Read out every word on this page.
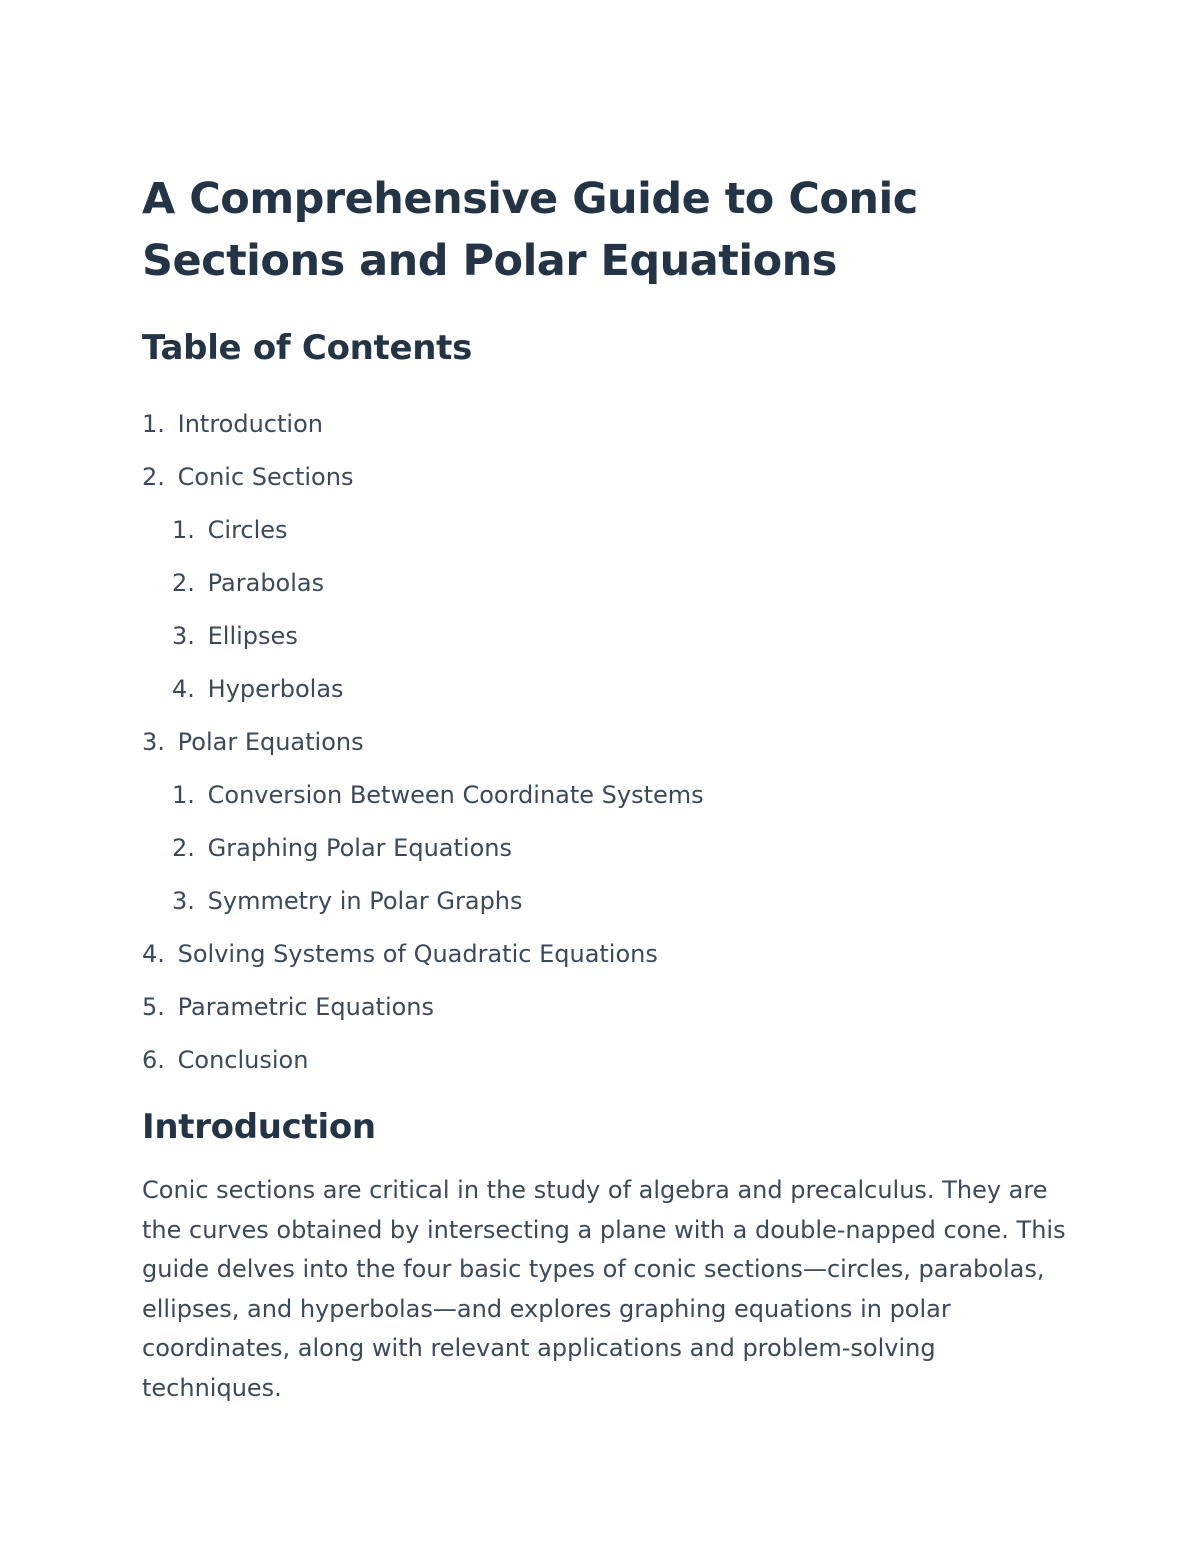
A Comprehensive Guide to Conic
Sections and Polar Equations
Table of Contents
1. Introduction
2. Conic Sections
1. Circles
2. Parabolas
3. Ellipses
4. Hyperbolas
3. Polar Equations
1. Conversion Between Coordinate Systems
2. Graphing Polar Equations
3. Symmetry in Polar Graphs
4. Solving Systems of Quadratic Equations
5. Parametric Equations
6. Conclusion
Introduction

Conic sections are critical in the study of algebra and precalculus. They are the curves obtained by intersecting a plane with a double-napped cone. This guide delves into the four basic types of conic sections—circles, parabolas, ellipses, and hyperbolas—and explores graphing equations in polar coordinates, along with relevant applications and problem-solving techniques.
